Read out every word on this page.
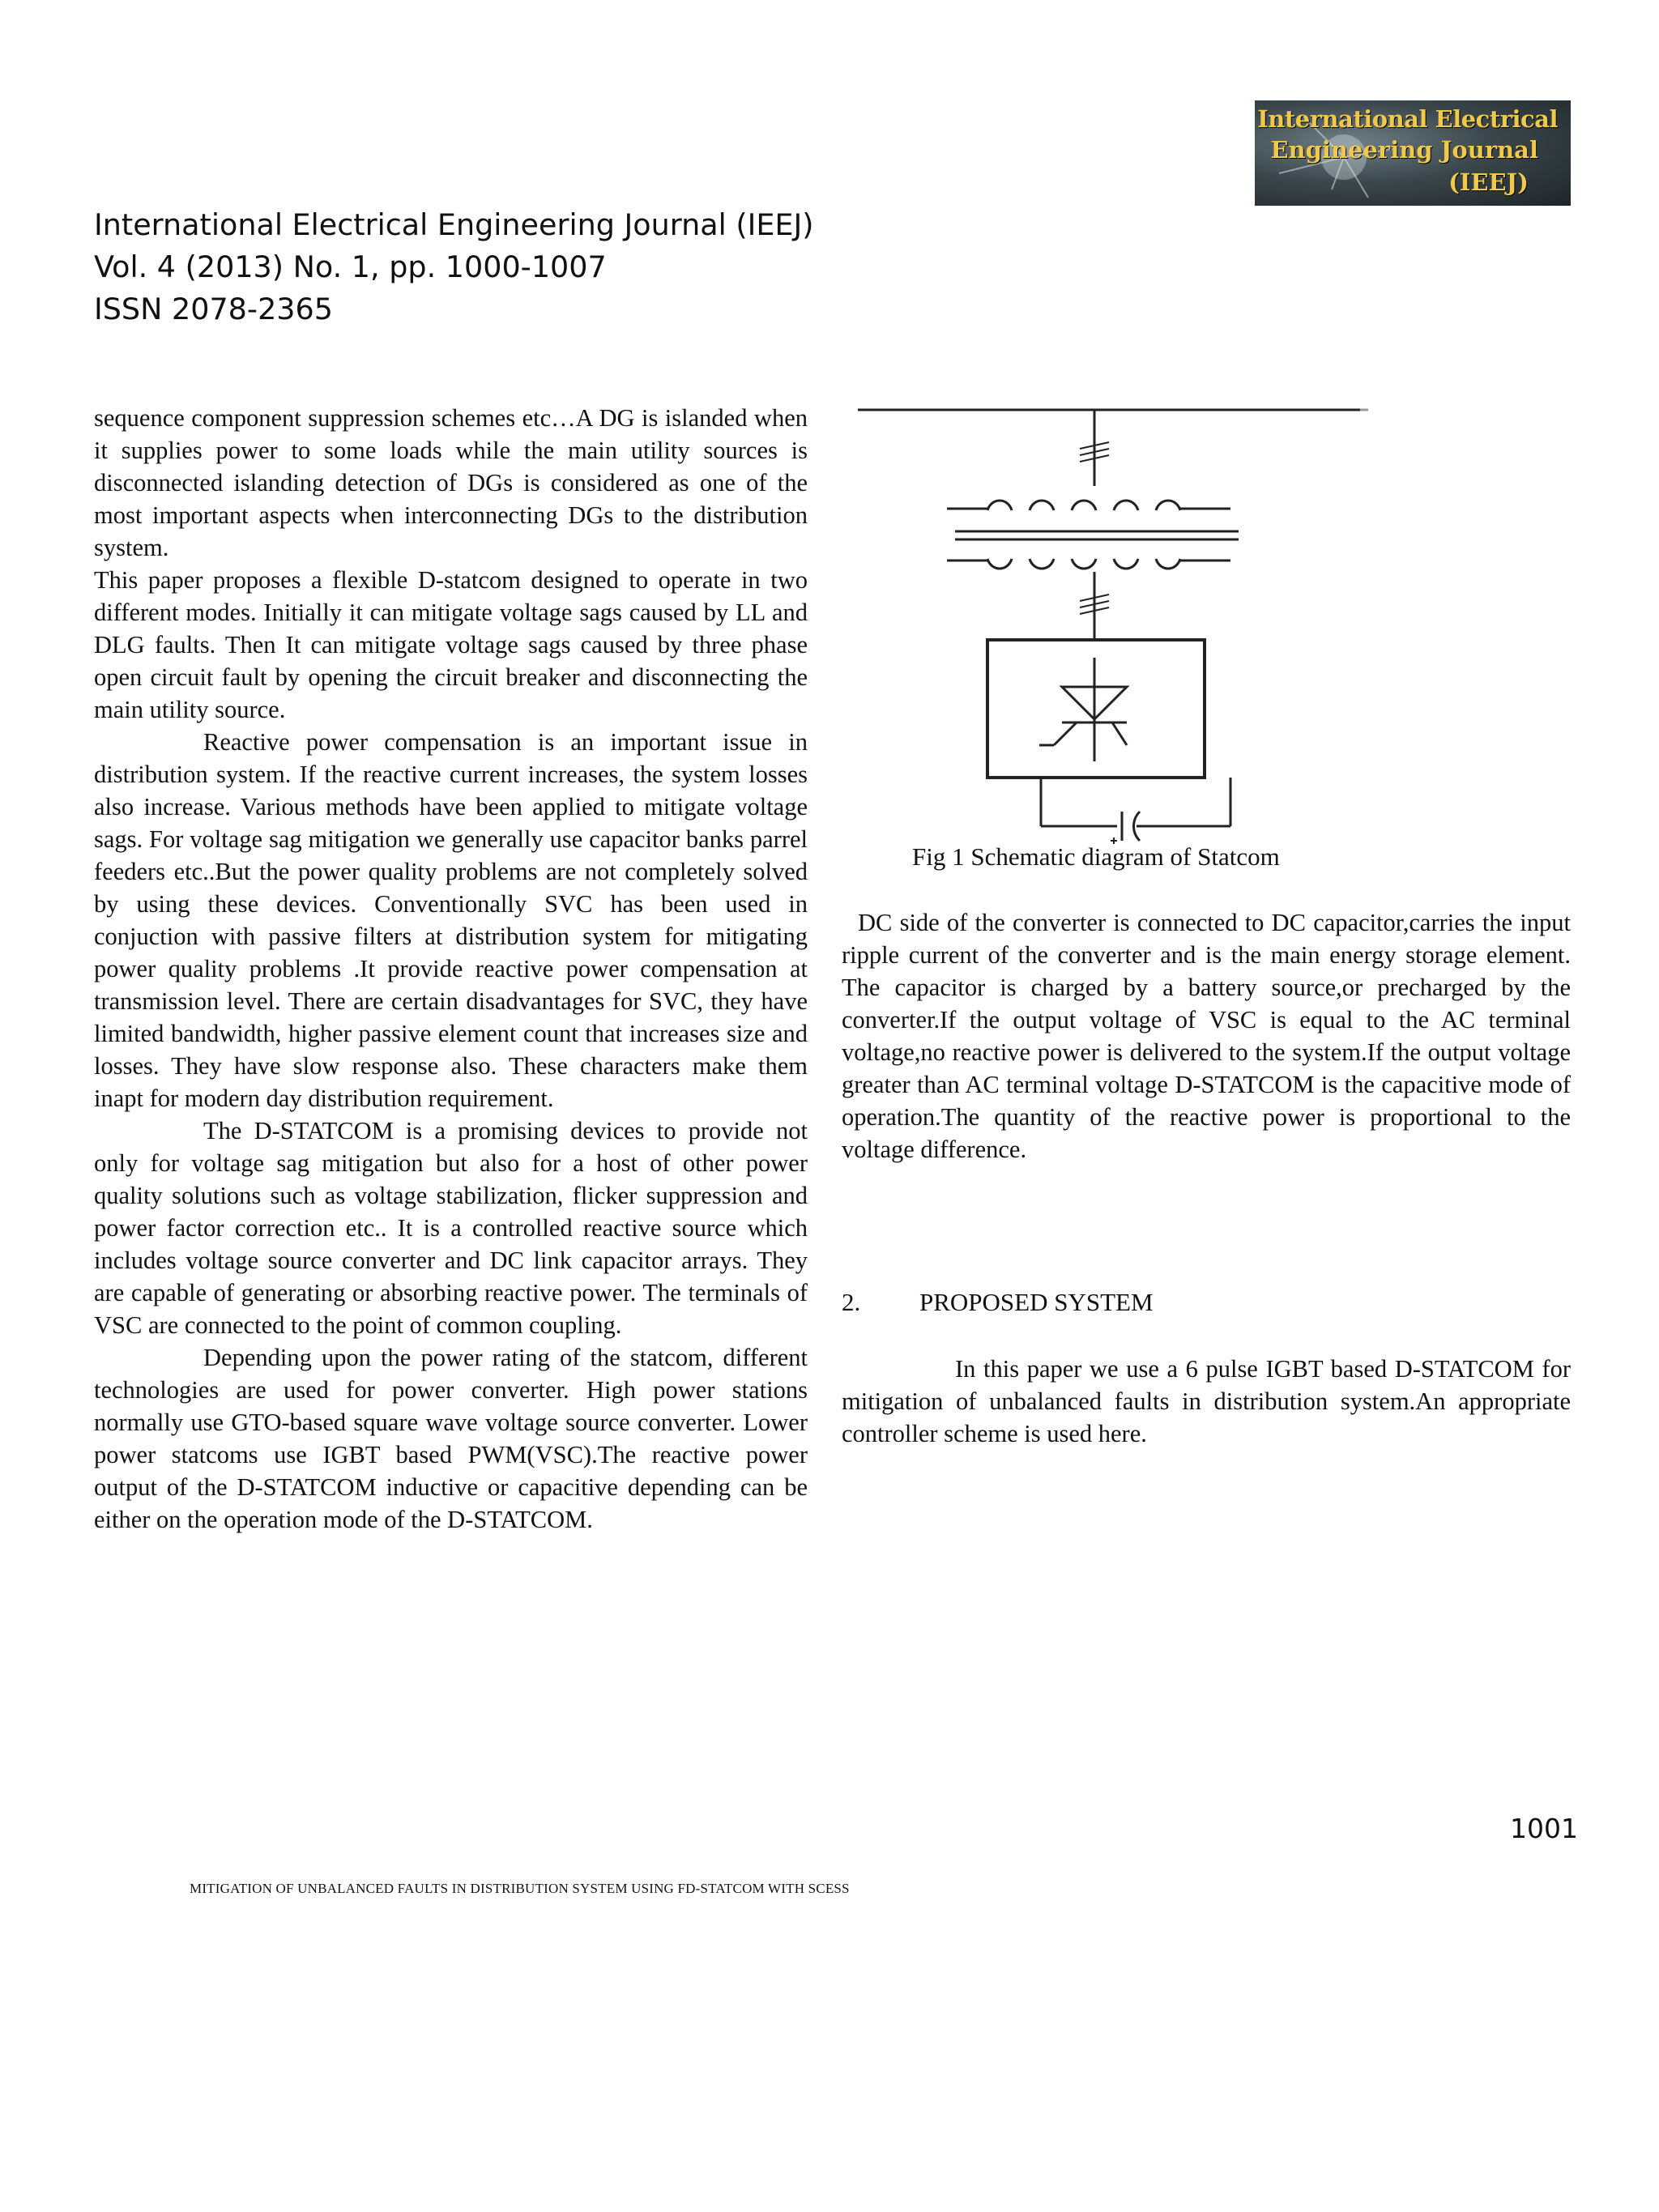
International Electrical
Engineering Journal
(IEEJ)
International Electrical Engineering Journal (IEEJ)
Vol. 4 (2013) No. 1, pp. 1000-1007
ISSN 2078-2365

sequence component suppression schemes etc…A DG is islanded when it supplies power to some loads while the main utility sources is disconnected islanding detection of DGs is considered as one of the most important aspects when interconnecting DGs to the distribution system.

This paper proposes a flexible D-statcom designed to operate in two different modes. Initially it can mitigate voltage sags caused by LL and DLG faults. Then It can mitigate voltage sags caused by three phase open circuit fault by opening the circuit breaker and disconnecting the main utility source.

Reactive power compensation is an important issue in distribution system. If the reactive current increases, the system losses also increase. Various methods have been applied to mitigate voltage sags. For voltage sag mitigation we generally use capacitor banks parrel feeders etc..But the power quality problems are not completely solved by using these devices. Conventionally SVC has been used in conjuction with passive filters at distribution system for mitigating power quality problems .It provide reactive power compensation at transmission level. There are certain disadvantages for SVC, they have limited bandwidth, higher passive element count that increases size and losses. They have slow response also. These characters make them inapt for modern day distribution requirement.

The D-STATCOM is a promising devices to provide not only for voltage sag mitigation but also for a host of other power quality solutions such as voltage stabilization, flicker suppression and power factor correction etc.. It is a controlled reactive source which includes voltage source converter and DC link capacitor arrays. They are capable of generating or absorbing reactive power. The terminals of VSC are connected to the point of common coupling.

Depending upon the power rating of the statcom, different technologies are used for power converter. High power stations normally use GTO-based square wave voltage source converter. Lower power statcoms use IGBT based PWM(VSC).The reactive power output of the D-STATCOM inductive or capacitive depending can be either on the operation mode of the D-STATCOM.

Fig 1 Schematic diagram of Statcom

DC side of the converter is connected to DC capacitor,carries the input ripple current of the converter and is the main energy storage element. The capacitor is charged by a battery source,or precharged by the converter.If the output voltage of VSC is equal to the AC terminal voltage,no reactive power is delivered to the system.If the output voltage greater than AC terminal voltage D-STATCOM is the capacitive mode of operation.The quantity of the reactive power is proportional to the voltage difference.

2. PROPOSED SYSTEM

In this paper we use a 6 pulse IGBT based D-STATCOM for mitigation of unbalanced faults in distribution system.An appropriate controller scheme is used here.

1001
MITIGATION OF UNBALANCED FAULTS IN DISTRIBUTION SYSTEM USING FD-STATCOM WITH SCESS
